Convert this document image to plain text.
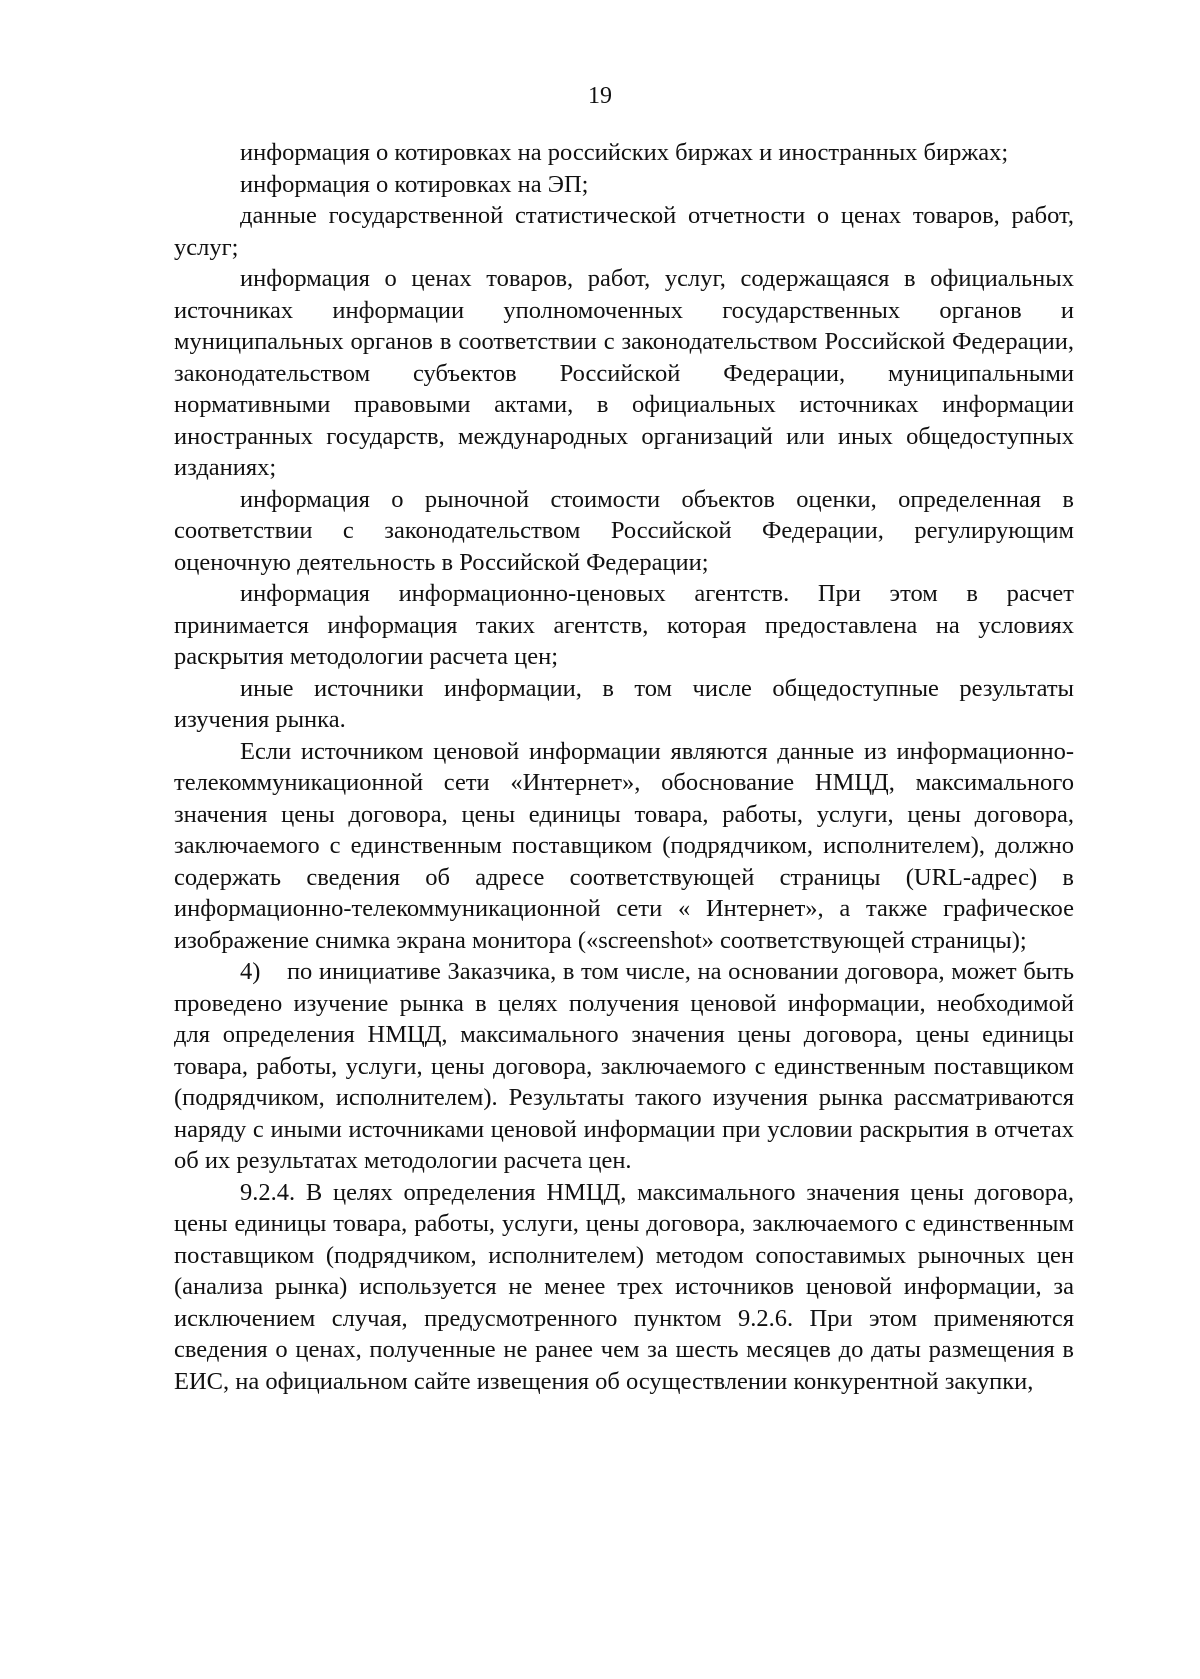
19

информация о котировках на российских биржах и иностранных биржах;

информация о котировках на ЭП;

данные государственной статистической отчетности о ценах товаров, работ, услуг;

информация о ценах товаров, работ, услуг, содержащаяся в официальных источниках информации уполномоченных государственных органов и муниципальных органов в соответствии с законодательством Российской Федерации, законодательством субъектов Российской Федерации, муниципальными нормативными правовыми актами, в официальных источниках информации иностранных государств, международных организаций или иных общедоступных изданиях;

информация о рыночной стоимости объектов оценки, определенная в соответствии с законодательством Российской Федерации, регулирующим оценочную деятельность в Российской Федерации;

информация информационно-ценовых агентств. При этом в расчет принимается информация таких агентств, которая предоставлена на условиях раскрытия методологии расчета цен;

иные источники информации, в том числе общедоступные результаты изучения рынка.

Если источником ценовой информации являются данные из информационно-телекоммуникационной сети «Интернет», обоснование НМЦД, максимального значения цены договора, цены единицы товара, работы, услуги, цены договора, заключаемого с единственным поставщиком (подрядчиком, исполнителем), должно содержать сведения об адресе соответствующей страницы (URL-адрес) в информационно-телекоммуникационной сети « Интернет», а также графическое изображение снимка экрана монитора («screenshot» соответствующей страницы);

4)    по инициативе Заказчика, в том числе, на основании договора, может быть проведено изучение рынка в целях получения ценовой информации, необходимой для определения НМЦД, максимального значения цены договора, цены единицы товара, работы, услуги, цены договора, заключаемого с единственным поставщиком (подрядчиком, исполнителем). Результаты такого изучения рынка рассматриваются наряду с иными источниками ценовой информации при условии раскрытия в отчетах об их результатах методологии расчета цен.

9.2.4. В целях определения НМЦД, максимального значения цены договора, цены единицы товара, работы, услуги, цены договора, заключаемого с единственным поставщиком (подрядчиком, исполнителем) методом сопоставимых рыночных цен (анализа рынка) используется не менее трех источников ценовой информации, за исключением случая, предусмотренного пунктом 9.2.6. При этом применяются сведения о ценах, полученные не ранее чем за шесть месяцев до даты размещения в ЕИС, на официальном сайте извещения об осуществлении конкурентной закупки,
